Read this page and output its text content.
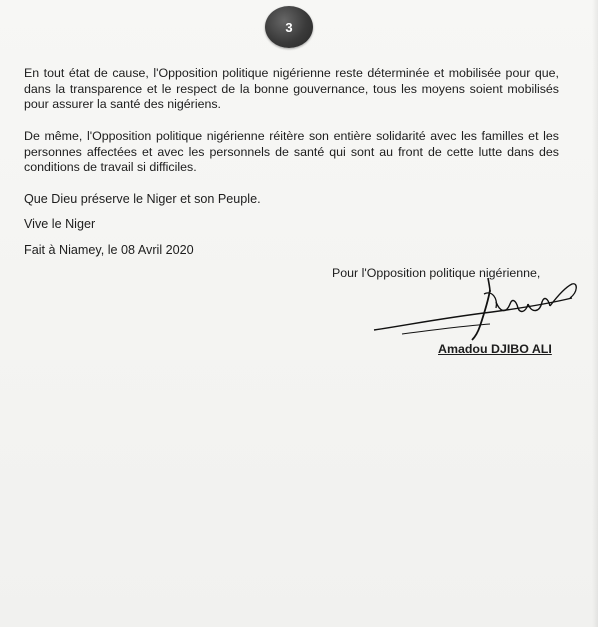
3

En tout état de cause, l'Opposition politique nigérienne reste déterminée et mobilisée pour que, dans la transparence et le respect de la bonne gouvernance, tous les moyens soient mobilisés pour assurer la santé des nigériens.

De même, l'Opposition politique nigérienne réitère son entière solidarité avec les familles et les personnes affectées et avec les personnels de santé qui sont au front de cette lutte dans des conditions de travail si difficiles.

Que Dieu préserve le Niger et son Peuple.

Vive le Niger

Fait à Niamey, le 08 Avril 2020

Pour l'Opposition politique nigérienne,

Amadou DJIBO ALI
